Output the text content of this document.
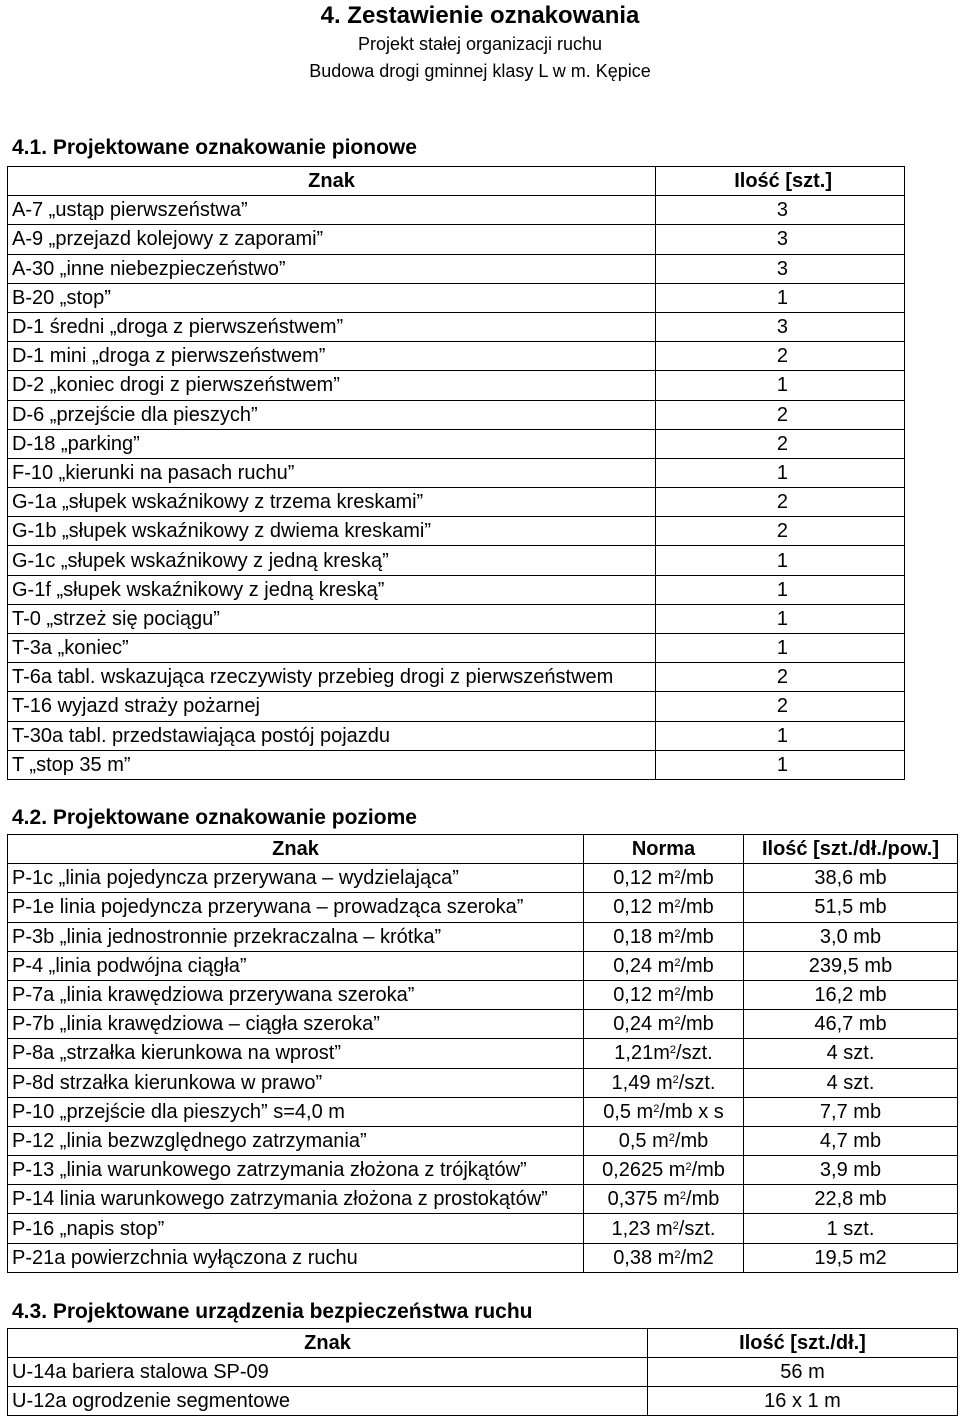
4. Zestawienie oznakowania
Projekt stałej organizacji ruchu
Budowa drogi gminnej klasy L w m. Kępice
4.1. Projektowane oznakowanie pionowe
Znak	Ilość [szt.]
A-7 „ustąp pierwszeństwa”	3
A-9 „przejazd kolejowy z zaporami”	3
A-30 „inne niebezpieczeństwo”	3
B-20 „stop”	1
D-1 średni „droga z pierwszeństwem”	3
D-1 mini „droga z pierwszeństwem”	2
D-2 „koniec drogi z pierwszeństwem”	1
D-6 „przejście dla pieszych”	2
D-18 „parking”	2
F-10 „kierunki na pasach ruchu”	1
G-1a „słupek wskaźnikowy z trzema kreskami”	2
G-1b „słupek wskaźnikowy z dwiema kreskami”	2
G-1c „słupek wskaźnikowy z jedną kreską”	1
G-1f „słupek wskaźnikowy z jedną kreską”	1
T-0 „strzeż się pociągu”	1
T-3a „koniec”	1
T-6a tabl. wskazująca rzeczywisty przebieg drogi z pierwszeństwem	2
T-16 wyjazd straży pożarnej	2
T-30a tabl. przedstawiająca postój pojazdu	1
T „stop 35 m”	1
4.2. Projektowane oznakowanie poziome
Znak	Norma	Ilość [szt./dł./pow.]
P-1c „linia pojedyncza przerywana – wydzielająca”	0,12 $m^2/mb$	38,6 mb
P-1e linia pojedyncza przerywana – prowadząca szeroka”	0,12 $m^2/mb$	51,5 mb
P-3b „linia jednostronnie przekraczalna – krótka”	0,18 $m^2/mb$	3,0 mb
P-4 „linia podwójna ciągła”	0,24 $m^2/mb$	239,5 mb
P-7a „linia krawędziowa przerywana szeroka”	0,12 $m^2/mb$	16,2 mb
P-7b „linia krawędziowa – ciągła szeroka”	0,24 $m^2/mb$	46,7 mb
P-8a „strzałka kierunkowa na wprost”	$1,21m^2$/szt.	4 szt.
P-8d strzałka kierunkowa w prawo”	1,49 $m^2$/szt.	4 szt.
P-10 „przejście dla pieszych” s=4,0 m	0,5 $m^2/mb$ x s	7,7 mb
P-12 „linia bezwzględnego zatrzymania”	0,5 $m^2/mb$	4,7 mb
P-13 „linia warunkowego zatrzymania złożona z trójkątów”	0,2625 $m^2/mb$	3,9 mb
P-14 linia warunkowego zatrzymania złożona z prostokątów”	0,375 $m^2/mb$	22,8 mb
P-16 „napis stop”	1,23 $m^2$/szt.	1 szt.
P-21a powierzchnia wyłączona z ruchu	0,38 $m^2/m2$	19,5 m2
4.3. Projektowane urządzenia bezpieczeństwa ruchu
Znak	Ilość [szt./dł.]
U-14a bariera stalowa SP-09	56 m
U-12a ogrodzenie segmentowe	16 x 1 m
